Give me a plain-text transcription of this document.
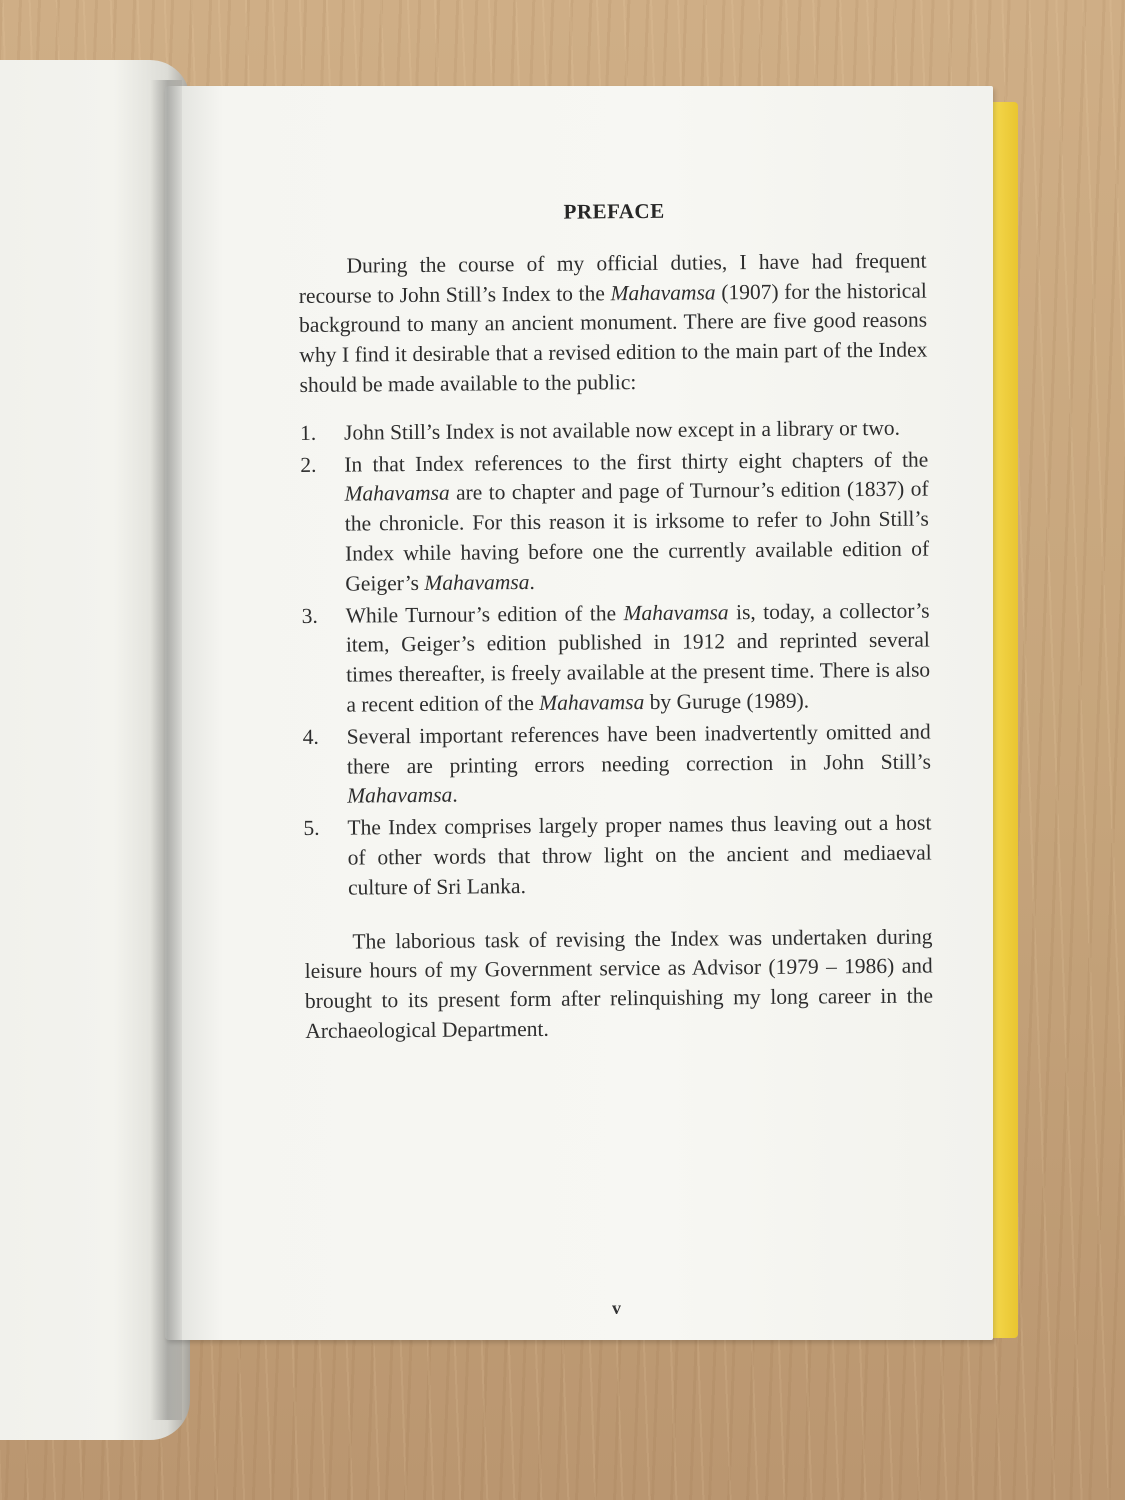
PREFACE

During the course of my official duties, I have had frequent recourse to John Still’s Index to the Mahavamsa (1907) for the historical background to many an ancient monument. There are five good reasons why I find it desirable that a revised edition to the main part of the Index should be made available to the public:

1.	John Still’s Index is not available now except in a library or two.
2.	In that Index references to the first thirty eight chapters of the Mahavamsa are to chapter and page of Turnour’s edition (1837) of the chronicle. For this reason it is irksome to refer to John Still’s Index while having before one the currently available edition of Geiger’s Mahavamsa.
3.	While Turnour’s edition of the Mahavamsa is, today, a collector’s item, Geiger’s edition published in 1912 and reprinted several times thereafter, is freely available at the present time. There is also a recent edition of the Mahavamsa by Guruge (1989).
4.	Several important references have been inadvertently omitted and there are printing errors needing correction in John Still’s Mahavamsa.
5.	The Index comprises largely proper names thus leaving out a host of other words that throw light on the ancient and mediaeval culture of Sri Lanka.

The laborious task of revising the Index was undertaken during leisure hours of my Government service as Advisor (1979 – 1986) and brought to its present form after relinquishing my long career in the Archaeological Department.

v
